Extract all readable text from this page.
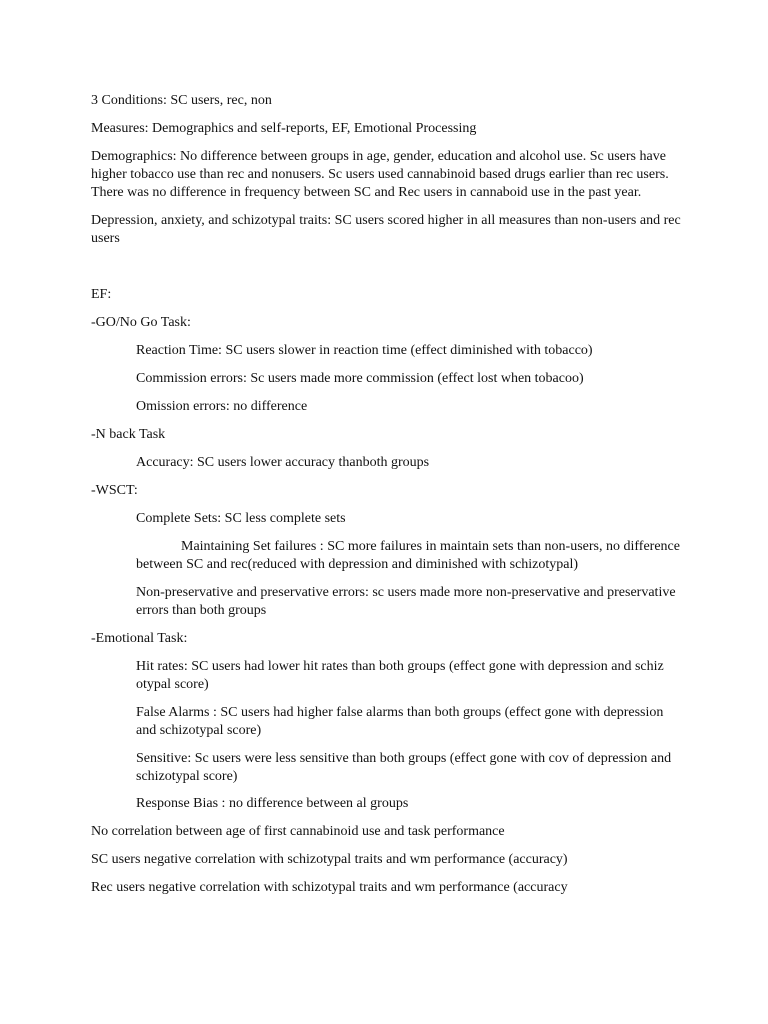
3 Conditions: SC users, rec, non
Measures: Demographics and self-reports, EF, Emotional Processing
Demographics: No difference between groups in age, gender, education and alcohol use. Sc users have higher tobacco use than rec and nonusers. Sc users used cannabinoid based drugs earlier than rec users. There was no difference in frequency between SC and Rec users in cannaboid use in the past year.
Depression, anxiety, and schizotypal traits: SC users scored higher in all measures than non-users and rec users
EF:
-GO/No Go Task:
Reaction Time: SC users slower in reaction time (effect diminished with tobacco)
Commission errors: Sc users made more commission (effect lost when tobacoo)
Omission errors: no difference
-N back Task
Accuracy: SC users lower accuracy thanboth groups
-WSCT:
Complete Sets: SC less complete sets
Maintaining Set failures : SC more failures in maintain sets than non-users, no difference between SC and rec(reduced with depression and diminished with schizotypal)
Non-preservative and preservative errors: sc users made more non-preservative and preservative errors than both groups
-Emotional Task:
Hit rates: SC users had lower hit rates than both groups (effect gone with depression and schiz otypal score)
False Alarms : SC users had higher false alarms than both groups (effect gone with depression and schizotypal score)
Sensitive: Sc users were less sensitive than both groups (effect gone with cov of depression and schizotypal score)
Response Bias : no difference between al groups
No correlation between age of first cannabinoid use and task performance
SC users negative correlation with schizotypal traits and wm performance (accuracy)
Rec users negative correlation with schizotypal traits and wm performance (accuracy
